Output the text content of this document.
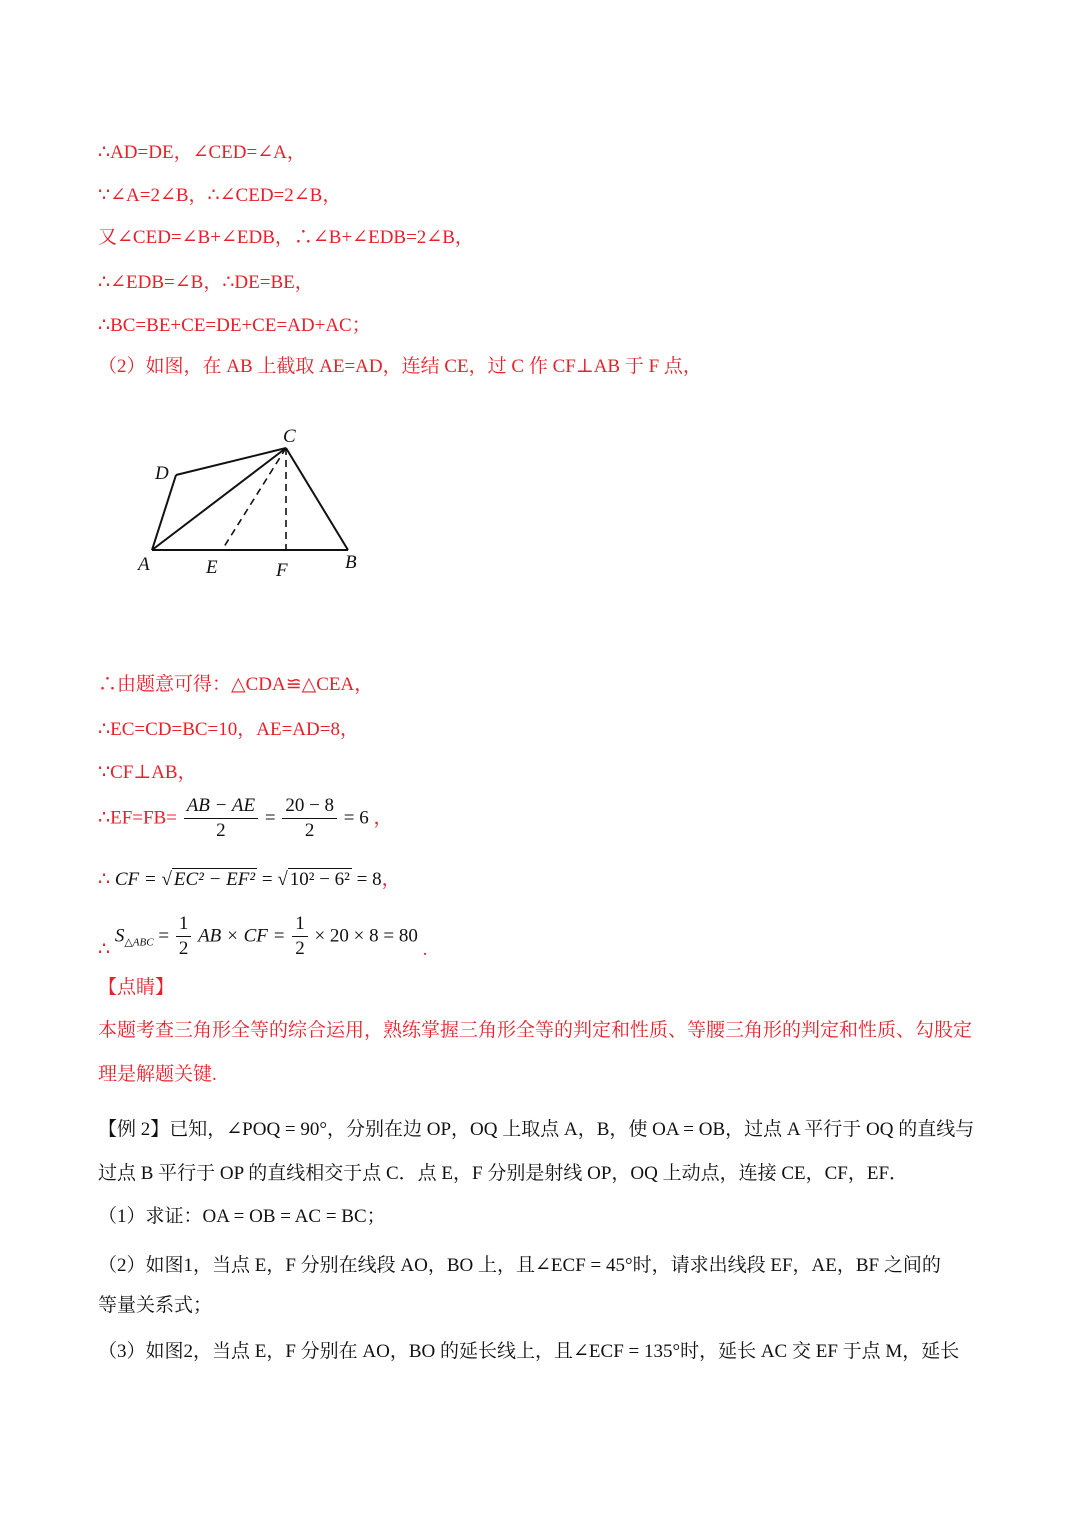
∴AD=DE，∠CED=∠A，
∵∠A=2∠B，∴∠CED=2∠B，
又∠CED=∠B+∠EDB，∴∠B+∠EDB=2∠B，
∴∠EDB=∠B，∴DE=BE，
∴BC=BE+CE=DE+CE=AD+AC；
（2）如图，在 AB 上截取 AE=AD，连结 CE，过 C 作 CF⊥AB 于 F 点，
C
D
A	E	F	B
∴由题意可得：△CDA≌△CEA，
∴EC=CD=BC=10，AE=AD=8，
∵CF⊥AB，
∴EF=FB= $\frac{AB - AE}{2} = \frac{20 - 8}{2} = 6$ ，
∴ CF = √ EC² − EF² = √ 10² − 6² = 8，
∴ $S_{\triangle ABC} = \frac{1}{2}$ AB × CF = $\frac{1}{2} \times 20 \times 8 = 80$ .
【点睛】
本题考查三角形全等的综合运用，熟练掌握三角形全等的判定和性质、等腰三角形的判定和性质、勾股定
理是解题关键.
【例 2】已知，∠POQ = 90°，分别在边 OP，OQ 上取点 A，B，使 OA = OB，过点 A 平行于 OQ 的直线与
过点 B 平行于 OP 的直线相交于点 C．点 E，F 分别是射线 OP，OQ 上动点，连接 CE，CF，EF．
（1）求证：OA = OB = AC = BC；
（2）如图1，当点 E，F 分别在线段 AO，BO 上，且∠ECF = 45°时，请求出线段 EF，AE，BF 之间的
等量关系式；
（3）如图2，当点 E，F 分别在 AO，BO 的延长线上，且∠ECF = 135°时，延长 AC 交 EF 于点 M，延长
